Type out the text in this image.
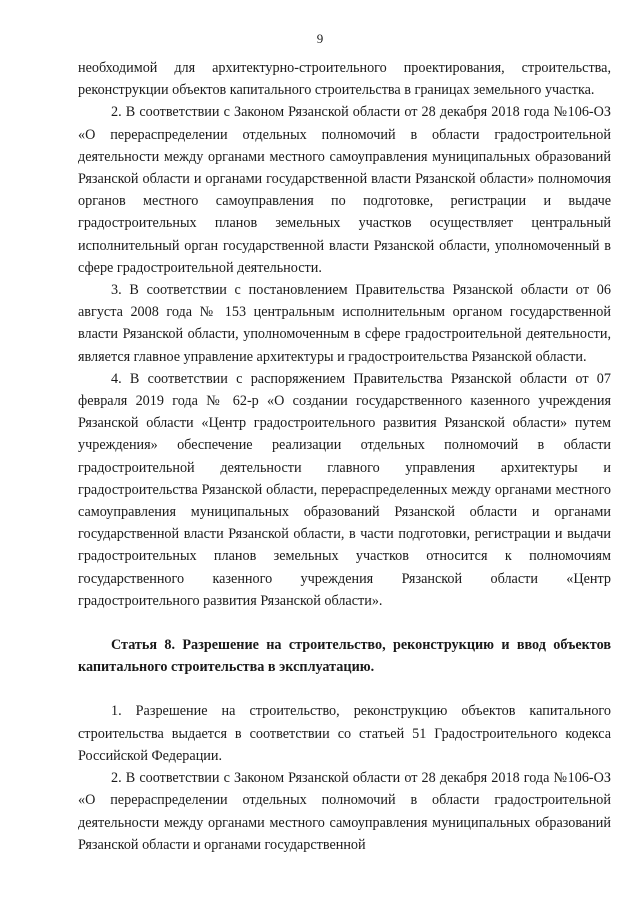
9

необходимой для архитектурно-строительного проектирования, строительства, реконструкции объектов капитального строительства в границах земельного участка.

2. В соответствии с Законом Рязанской области от 28 декабря 2018 года №106-ОЗ «О перераспределении отдельных полномочий в области градостроительной деятельности между органами местного самоуправления муниципальных образований Рязанской области и органами государственной власти Рязанской области» полномочия органов местного самоуправления по подготовке, регистрации и выдаче градостроительных планов земельных участков осуществляет центральный исполнительный орган государственной власти Рязанской области, уполномоченный в сфере градостроительной деятельности.

3. В соответствии с постановлением Правительства Рязанской области от 06 августа 2008 года № 153 центральным исполнительным органом государственной власти Рязанской области, уполномоченным в сфере градостроительной деятельности, является главное управление архитектуры и градостроительства Рязанской области.

4. В соответствии с распоряжением Правительства Рязанской области от 07 февраля 2019 года № 62-р «О создании государственного казенного учреждения Рязанской области «Центр градостроительного развития Рязанской области» путем учреждения» обеспечение реализации отдельных полномочий в области градостроительной деятельности главного управления архитектуры и градостроительства Рязанской области, перераспределенных между органами местного самоуправления муниципальных образований Рязанской области и органами государственной власти Рязанской области, в части подготовки, регистрации и выдачи градостроительных планов земельных участков относится к полномочиям государственного казенного учреждения Рязанской области «Центр градостроительного развития Рязанской области».

Статья 8. Разрешение на строительство, реконструкцию и ввод объектов капитального строительства в эксплуатацию.

1. Разрешение на строительство, реконструкцию объектов капитального строительства выдается в соответствии со статьей 51 Градостроительного кодекса Российской Федерации.

2. В соответствии с Законом Рязанской области от 28 декабря 2018 года №106-ОЗ «О перераспределении отдельных полномочий в области градостроительной деятельности между органами местного самоуправления муниципальных образований Рязанской области и органами государственной
